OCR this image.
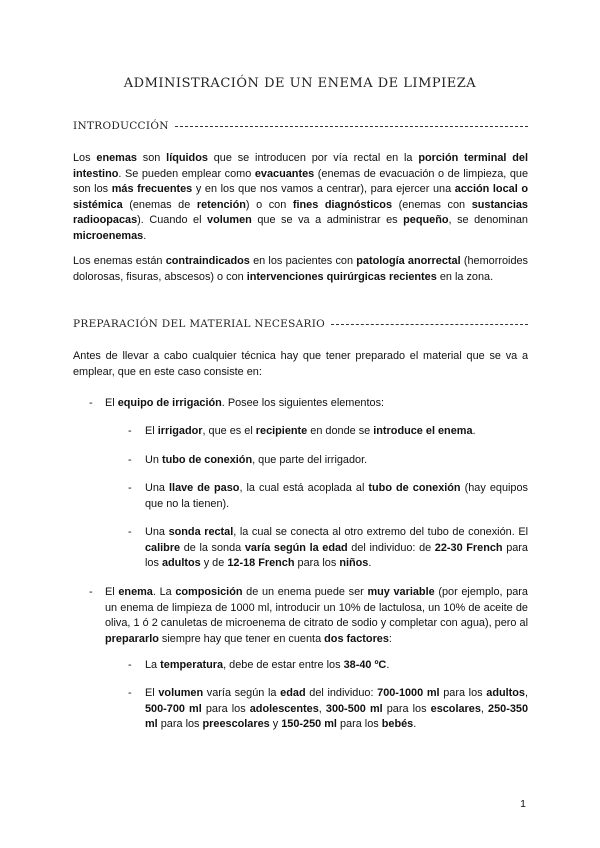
ADMINISTRACIÓN DE UN ENEMA DE LIMPIEZA
INTRODUCCIÓN

Los enemas son líquidos que se introducen por vía rectal en la porción terminal del intestino. Se pueden emplear como evacuantes (enemas de evacuación o de limpieza, que son los más frecuentes y en los que nos vamos a centrar), para ejercer una acción local o sistémica (enemas de retención) o con fines diagnósticos (enemas con sustancias radioopacas). Cuando el volumen que se va a administrar es pequeño, se denominan microenemas.

Los enemas están contraindicados en los pacientes con patología anorrectal (hemorroides dolorosas, fisuras, abscesos) o con intervenciones quirúrgicas recientes en la zona.

PREPARACIÓN DEL MATERIAL NECESARIO

Antes de llevar a cabo cualquier técnica hay que tener preparado el material que se va a emplear, que en este caso consiste en:

- El equipo de irrigación. Posee los siguientes elementos:

- El irrigador, que es el recipiente en donde se introduce el enema.

- Un tubo de conexión, que parte del irrigador.

- Una llave de paso, la cual está acoplada al tubo de conexión (hay equipos que no la tienen).

- Una sonda rectal, la cual se conecta al otro extremo del tubo de conexión. El calibre de la sonda varía según la edad del individuo: de 22-30 French para los adultos y de 12-18 French para los niños.

- El enema. La composición de un enema puede ser muy variable (por ejemplo, para un enema de limpieza de 1000 ml, introducir un 10% de lactulosa, un 10% de aceite de oliva, 1 ó 2 canuletas de microenema de citrato de sodio y completar con agua), pero al prepararlo siempre hay que tener en cuenta dos factores:

- La temperatura, debe de estar entre los 38-40 ºC.

- El volumen varía según la edad del individuo: 700-1000 ml para los adultos, 500-700 ml para los adolescentes, 300-500 ml para los escolares, 250-350 ml para los preescolares y 150-250 ml para los bebés.

1
